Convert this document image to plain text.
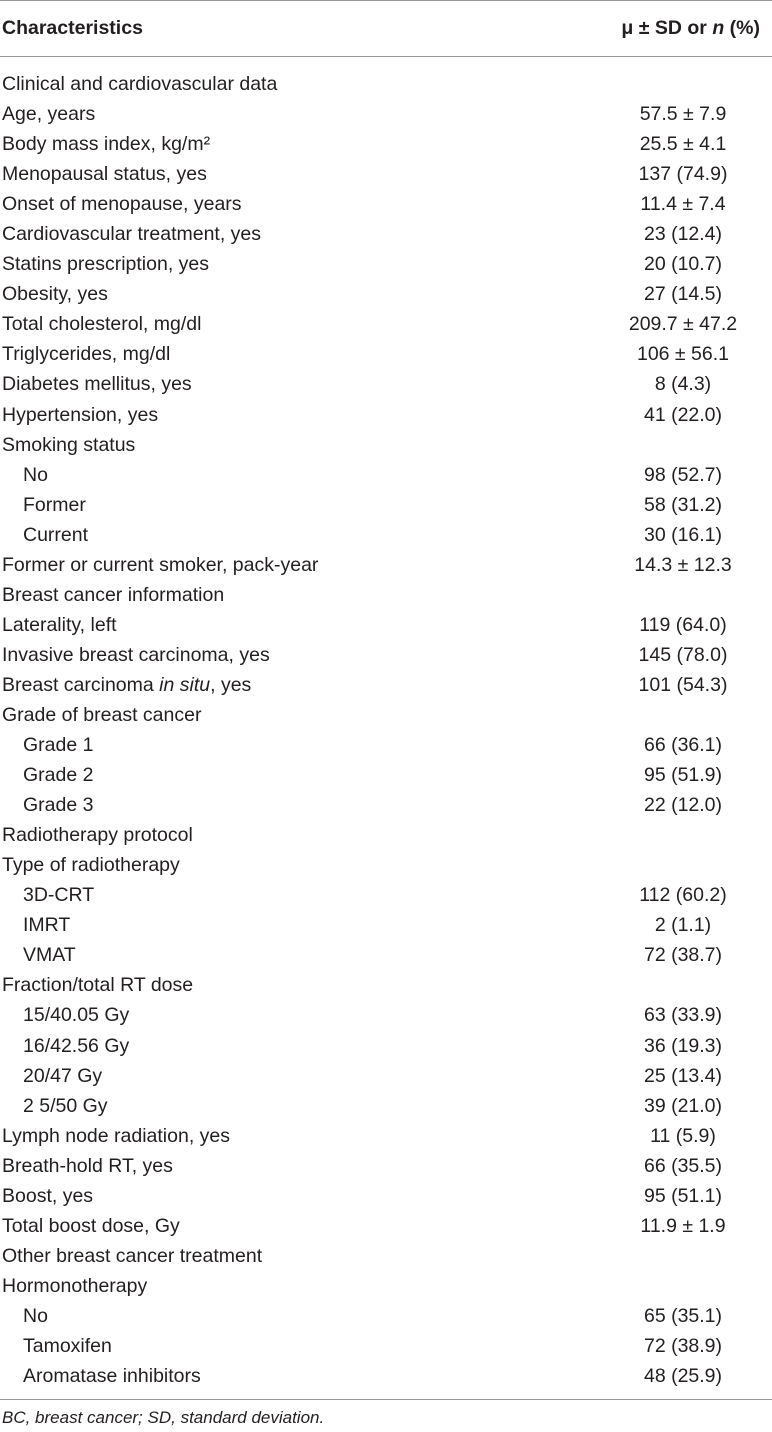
Characteristics	μ ± SD or n (%)
Clinical and cardiovascular data
Age, years	57.5 ± 7.9
Body mass index, kg/m²	25.5 ± 4.1
Menopausal status, yes	137 (74.9)
Onset of menopause, years	11.4 ± 7.4
Cardiovascular treatment, yes	23 (12.4)
Statins prescription, yes	20 (10.7)
Obesity, yes	27 (14.5)
Total cholesterol, mg/dl	209.7 ± 47.2
Triglycerides, mg/dl	106 ± 56.1
Diabetes mellitus, yes	8 (4.3)
Hypertension, yes	41 (22.0)
Smoking status
No	98 (52.7)
Former	58 (31.2)
Current	30 (16.1)
Former or current smoker, pack-year	14.3 ± 12.3
Breast cancer information
Laterality, left	119 (64.0)
Invasive breast carcinoma, yes	145 (78.0)
Breast carcinoma in situ, yes	101 (54.3)
Grade of breast cancer
Grade 1	66 (36.1)
Grade 2	95 (51.9)
Grade 3	22 (12.0)
Radiotherapy protocol
Type of radiotherapy
3D-CRT	112 (60.2)
IMRT	2 (1.1)
VMAT	72 (38.7)
Fraction/total RT dose
15/40.05 Gy	63 (33.9)
16/42.56 Gy	36 (19.3)
20/47 Gy	25 (13.4)
2 5/50 Gy	39 (21.0)
Lymph node radiation, yes	11 (5.9)
Breath-hold RT, yes	66 (35.5)
Boost, yes	95 (51.1)
Total boost dose, Gy	11.9 ± 1.9
Other breast cancer treatment
Hormonotherapy
No	65 (35.1)
Tamoxifen	72 (38.9)
Aromatase inhibitors	48 (25.9)
BC, breast cancer; SD, standard deviation.
